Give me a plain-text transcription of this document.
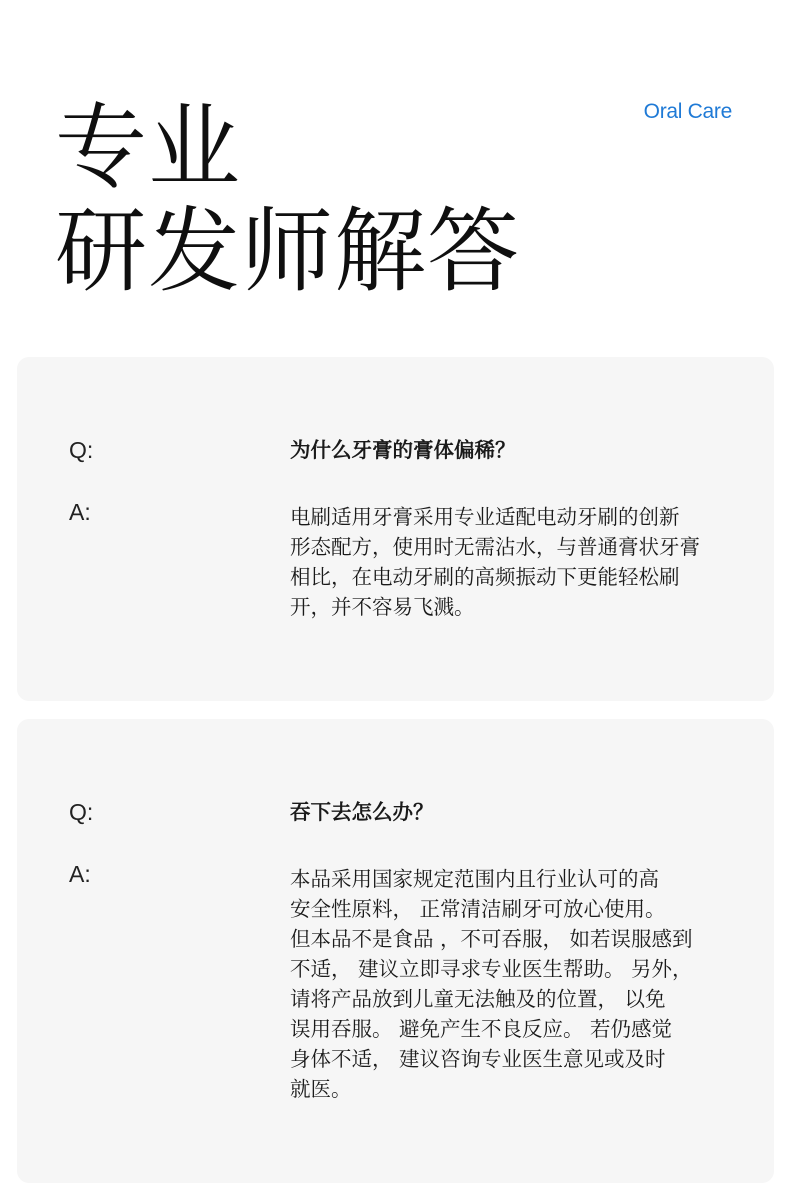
Oral Care
专业
研发师解答
Q:	为什么牙膏的膏体偏稀？
A:	电刷适用牙膏采用专业适配电动牙刷的创新
形态配方，使用时无需沾水，与普通膏状牙膏
相比，在电动牙刷的高频振动下更能轻松刷
开，并不容易飞溅。
Q:	吞下去怎么办？
A:	本品采用国家规定范围内且行业认可的高
安全性原料， 正常清洁刷牙可放心使用。
但本品不是食品 ，不可吞服， 如若误服感到
不适， 建议立即寻求专业医生帮助。 另外，
请将产品放到儿童无法触及的位置， 以免
误用吞服。 避免产生不良反应。 若仍感觉
身体不适， 建议咨询专业医生意见或及时
就医。
